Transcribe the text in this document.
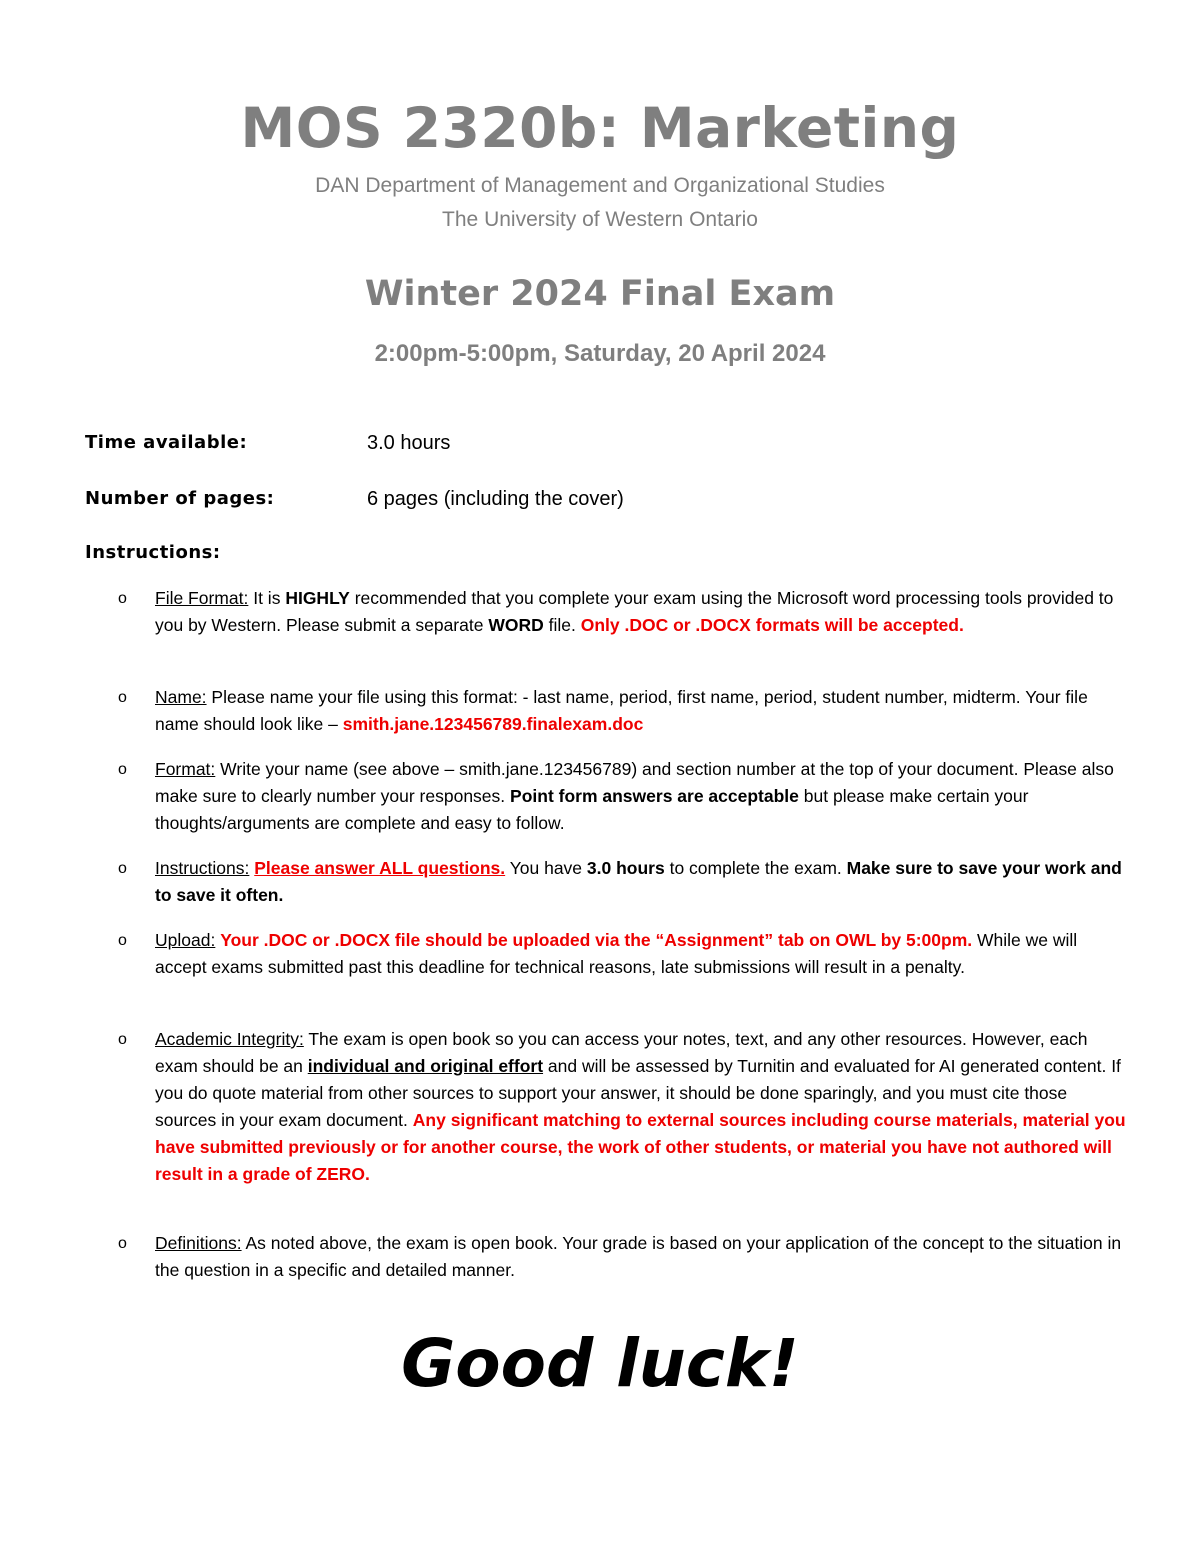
MOS 2320b: Marketing
DAN Department of Management and Organizational Studies
The University of Western Ontario
Winter 2024 Final Exam
2:00pm-5:00pm, Saturday, 20 April 2024
Time available:	3.0 hours
Number of pages:	6 pages (including the cover)
Instructions:
o File Format: It is HIGHLY recommended that you complete your exam using the Microsoft word processing tools provided to you by Western. Please submit a separate WORD file. Only .DOC or .DOCX formats will be accepted.
o Name: Please name your file using this format: - last name, period, first name, period, student number, midterm. Your file name should look like – smith.jane.123456789.finalexam.doc
o Format: Write your name (see above – smith.jane.123456789) and section number at the top of your document. Please also make sure to clearly number your responses. Point form answers are acceptable but please make certain your thoughts/arguments are complete and easy to follow.
o Instructions: Please answer ALL questions. You have 3.0 hours to complete the exam. Make sure to save your work and to save it often.
o Upload: Your .DOC or .DOCX file should be uploaded via the “Assignment” tab on OWL by 5:00pm. While we will accept exams submitted past this deadline for technical reasons, late submissions will result in a penalty.
o Academic Integrity: The exam is open book so you can access your notes, text, and any other resources. However, each exam should be an individual and original effort and will be assessed by Turnitin and evaluated for AI generated content. If you do quote material from other sources to support your answer, it should be done sparingly, and you must cite those sources in your exam document. Any significant matching to external sources including course materials, material you have submitted previously or for another course, the work of other students, or material you have not authored will result in a grade of ZERO.
o Definitions: As noted above, the exam is open book. Your grade is based on your application of the concept to the situation in the question in a specific and detailed manner.
Good luck!
